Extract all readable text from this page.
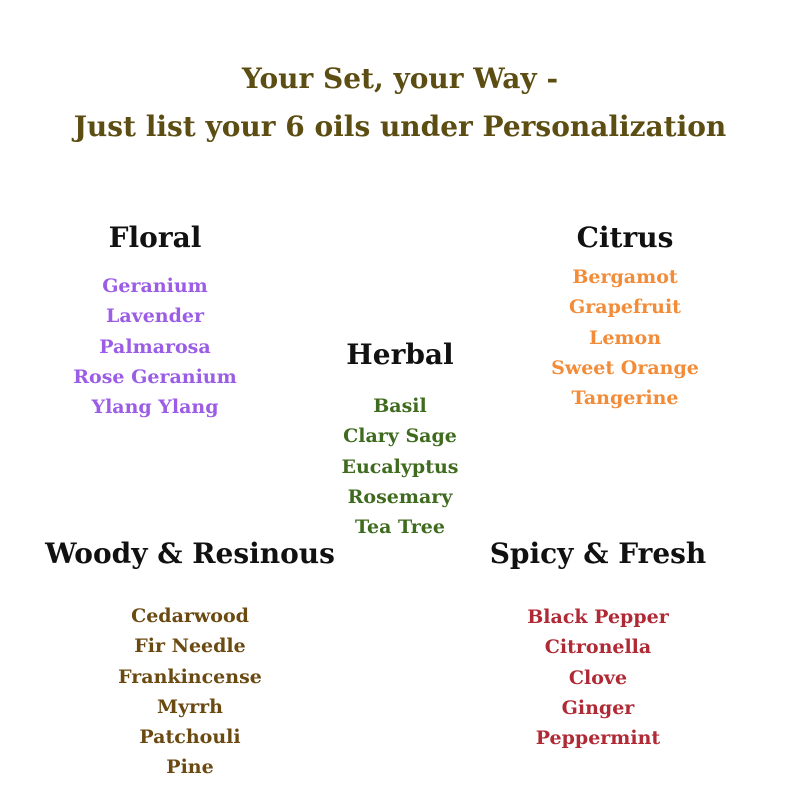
Your Set, your Way -
Just list your 6 oils under Personalization
Floral
Geranium
Lavender
Palmarosa
Rose Geranium
Ylang Ylang
Citrus
Bergamot
Grapefruit
Lemon
Sweet Orange
Tangerine
Herbal
Basil
Clary Sage
Eucalyptus
Rosemary
Tea Tree
Woody & Resinous
Cedarwood
Fir Needle
Frankincense
Myrrh
Patchouli
Pine
Spicy & Fresh
Black Pepper
Citronella
Clove
Ginger
Peppermint
